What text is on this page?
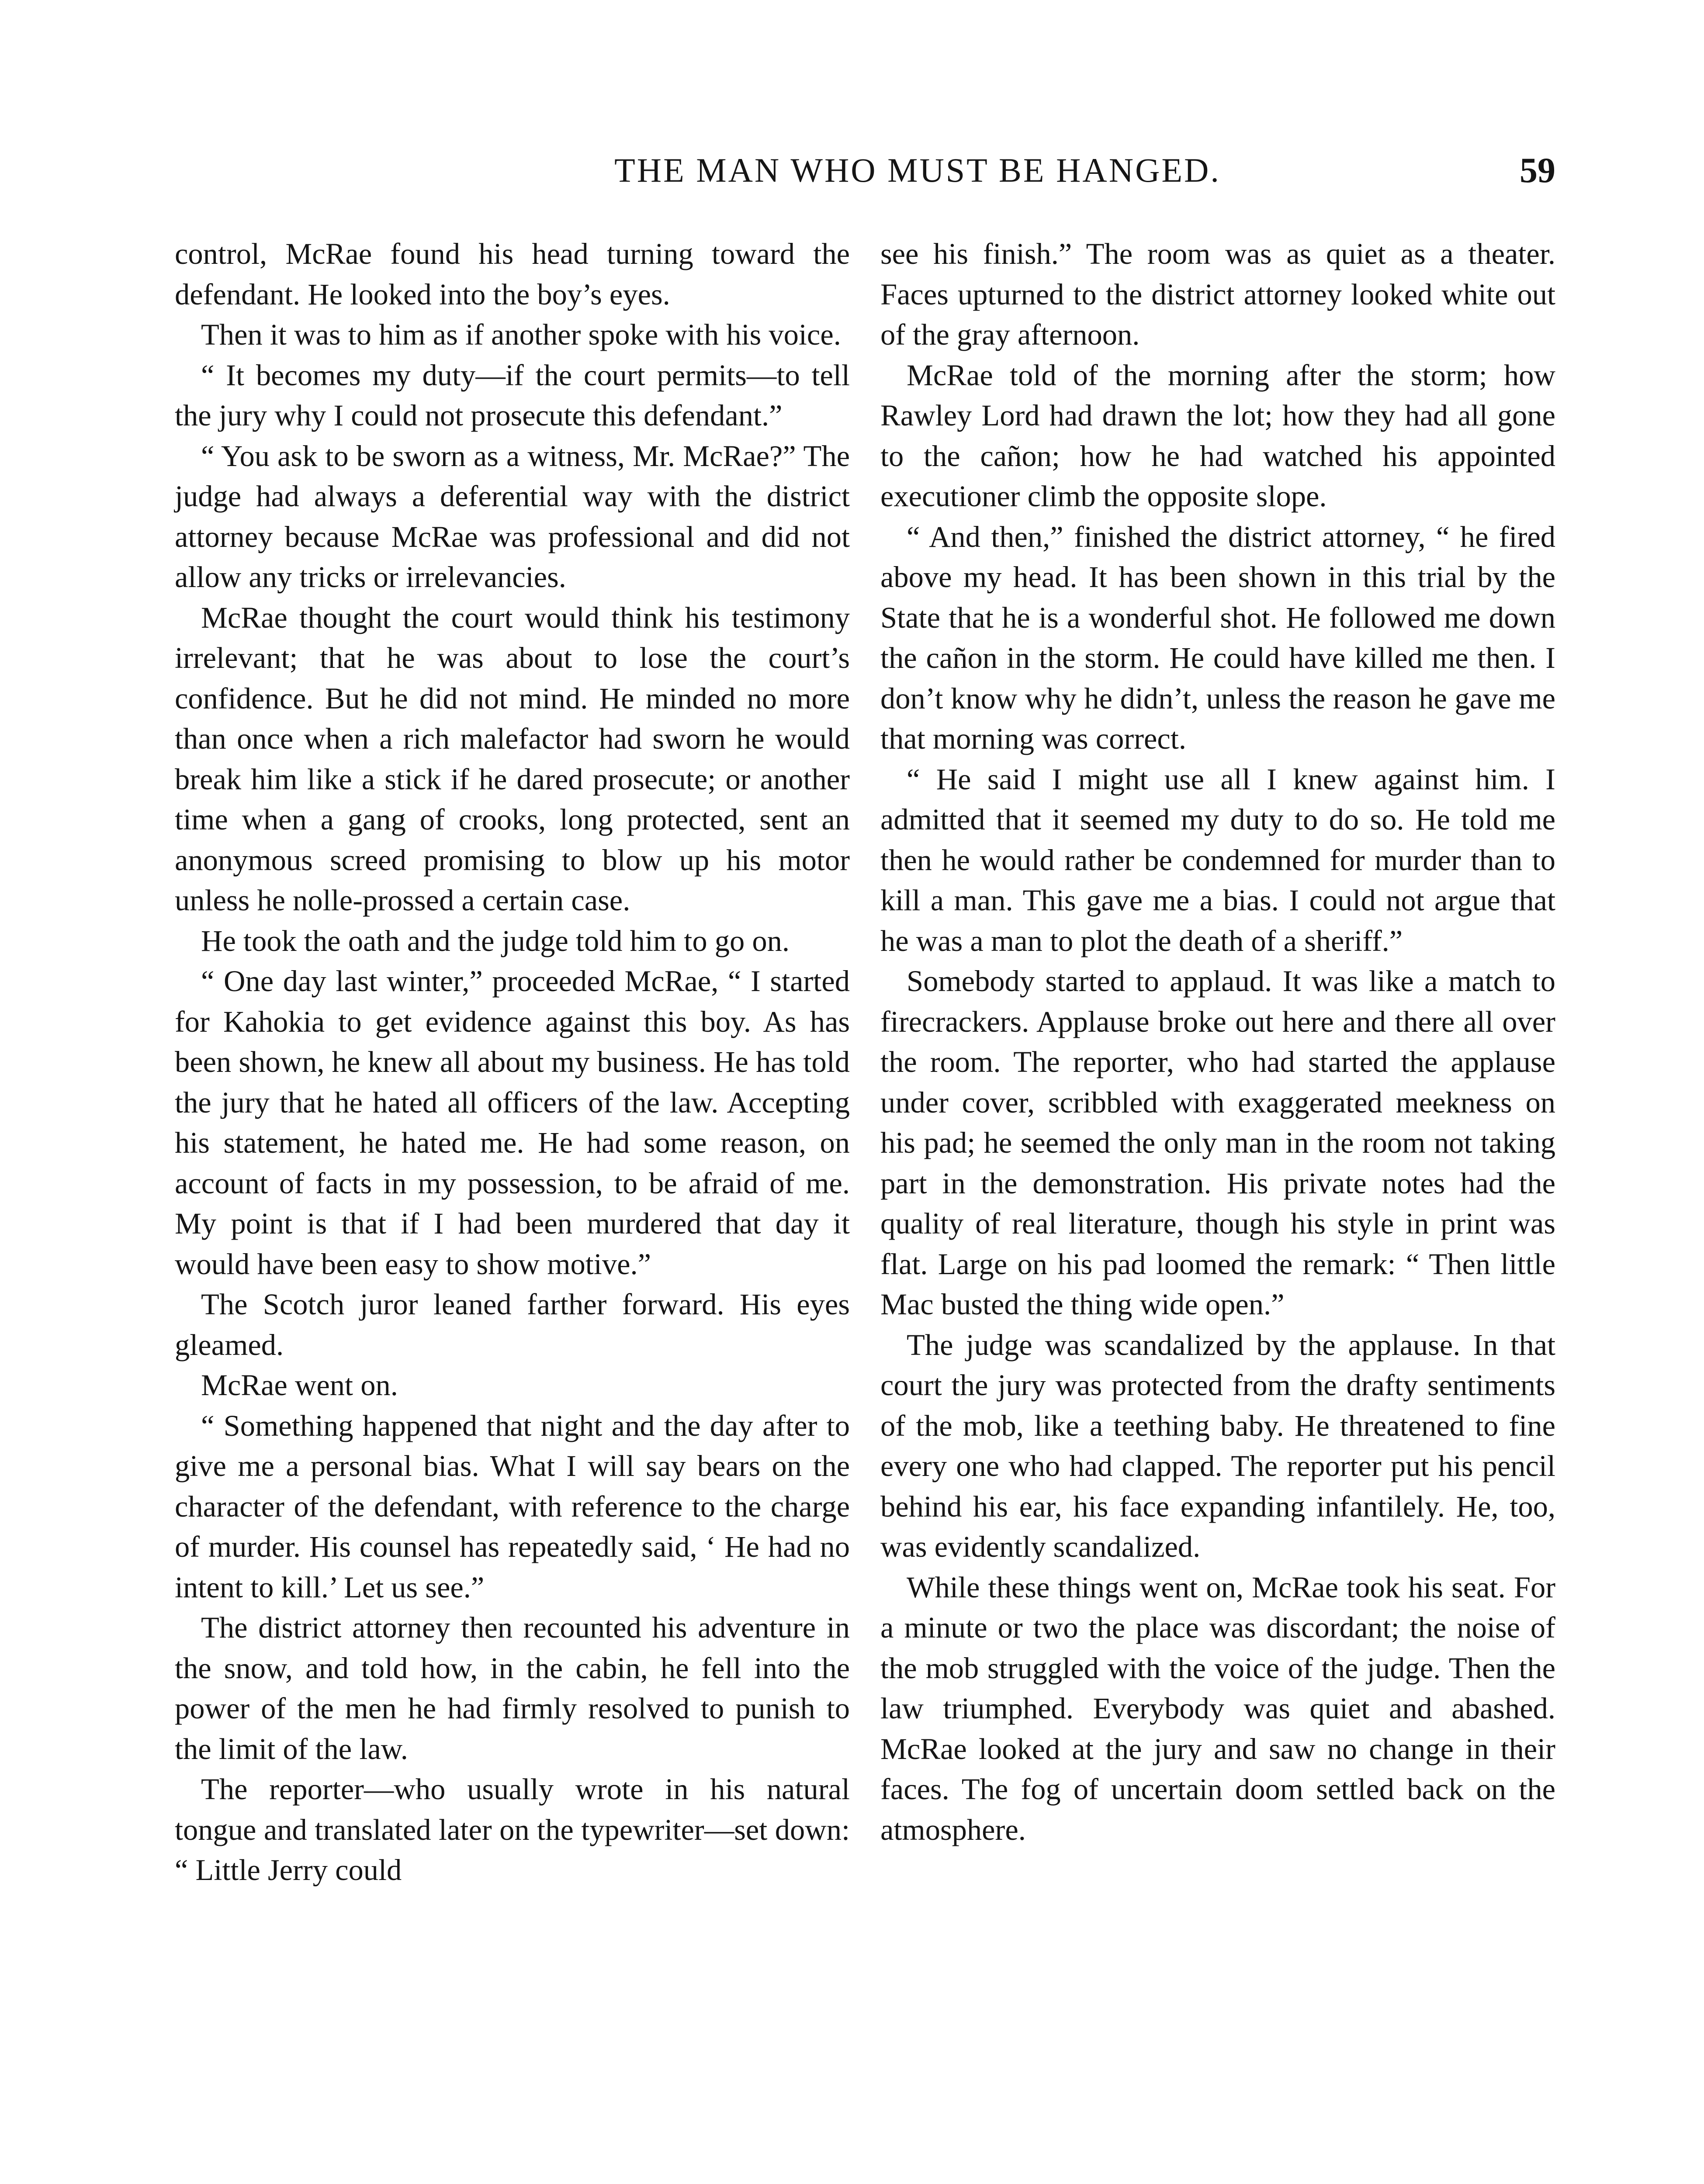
THE MAN WHO MUST BE HANGED.	59

control, McRae found his head turning toward the defendant. He looked into the boy’s eyes.

Then it was to him as if another spoke with his voice.

“ It becomes my duty—if the court permits—to tell the jury why I could not prosecute this defendant.”

“ You ask to be sworn as a witness, Mr. McRae?” The judge had always a deferential way with the district attorney because McRae was professional and did not allow any tricks or irrelevancies.

McRae thought the court would think his testimony irrelevant; that he was about to lose the court’s confidence. But he did not mind. He minded no more than once when a rich malefactor had sworn he would break him like a stick if he dared prosecute; or another time when a gang of crooks, long protected, sent an anonymous screed promising to blow up his motor unless he nolle-prossed a certain case.

He took the oath and the judge told him to go on.

“ One day last winter,” proceeded McRae, “ I started for Kahokia to get evidence against this boy. As has been shown, he knew all about my business. He has told the jury that he hated all officers of the law. Accepting his statement, he hated me. He had some reason, on account of facts in my possession, to be afraid of me. My point is that if I had been murdered that day it would have been easy to show motive.”

The Scotch juror leaned farther forward. His eyes gleamed.

McRae went on.

“ Something happened that night and the day after to give me a personal bias. What I will say bears on the character of the defendant, with reference to the charge of murder. His counsel has repeatedly said, ‘ He had no intent to kill.’ Let us see.”

The district attorney then recounted his adventure in the snow, and told how, in the cabin, he fell into the power of the men he had firmly resolved to punish to the limit of the law.

The reporter—who usually wrote in his natural tongue and translated later on the typewriter—set down: “ Little Jerry could

see his finish.” The room was as quiet as a theater. Faces upturned to the district attorney looked white out of the gray afternoon.

McRae told of the morning after the storm; how Rawley Lord had drawn the lot; how they had all gone to the cañon; how he had watched his appointed executioner climb the opposite slope.

“ And then,” finished the district attorney, “ he fired above my head. It has been shown in this trial by the State that he is a wonderful shot. He followed me down the cañon in the storm. He could have killed me then. I don’t know why he didn’t, unless the reason he gave me that morning was correct.

“ He said I might use all I knew against him. I admitted that it seemed my duty to do so. He told me then he would rather be condemned for murder than to kill a man. This gave me a bias. I could not argue that he was a man to plot the death of a sheriff.”

Somebody started to applaud. It was like a match to firecrackers. Applause broke out here and there all over the room. The reporter, who had started the applause under cover, scribbled with exaggerated meekness on his pad; he seemed the only man in the room not taking part in the demonstration. His private notes had the quality of real literature, though his style in print was flat. Large on his pad loomed the remark: “ Then little Mac busted the thing wide open.”

The judge was scandalized by the applause. In that court the jury was protected from the drafty sentiments of the mob, like a teething baby. He threatened to fine every one who had clapped. The reporter put his pencil behind his ear, his face expanding infantilely. He, too, was evidently scandalized.

While these things went on, McRae took his seat. For a minute or two the place was discordant; the noise of the mob struggled with the voice of the judge. Then the law triumphed. Everybody was quiet and abashed. McRae looked at the jury and saw no change in their faces. The fog of uncertain doom settled back on the atmosphere.
